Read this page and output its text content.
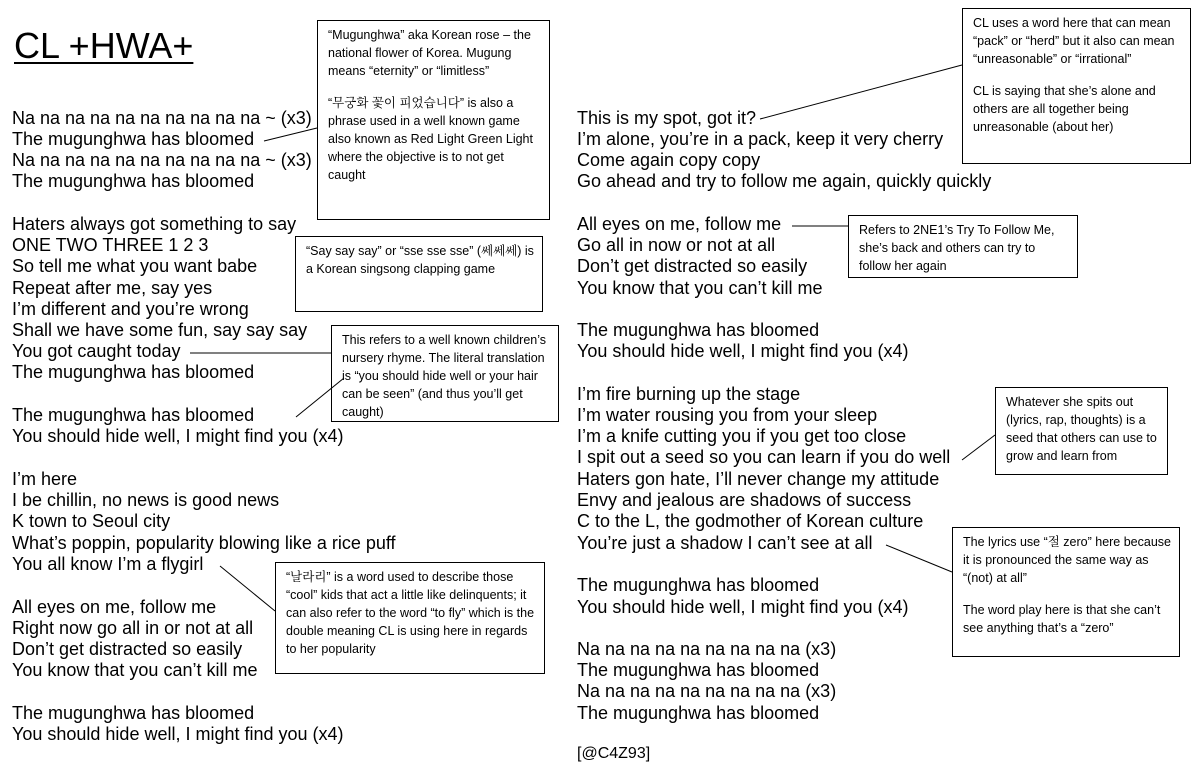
CL +HWA+
Na na na na na na na na na na ~ (x3)
The mugunghwa has bloomed
Na na na na na na na na na na ~ (x3)
The mugunghwa has bloomed
Haters always got something to say
ONE TWO THREE 1 2 3
So tell me what you want babe
Repeat after me, say yes
I’m different and you’re wrong
Shall we have some fun, say say say
You got caught today
The mugunghwa has bloomed
The mugunghwa has bloomed
You should hide well, I might find you (x4)
I’m here
I be chillin, no news is good news
K town to Seoul city
What’s poppin, popularity blowing like a rice puff
You all know I’m a flygirl
All eyes on me, follow me
Right now go all in or not at all
Don’t get distracted so easily
You know that you can’t kill me
The mugunghwa has bloomed
You should hide well, I might find you (x4)
This is my spot, got it?
I’m alone, you’re in a pack, keep it very cherry
Come again copy copy
Go ahead and try to follow me again, quickly quickly
All eyes on me, follow me
Go all in now or not at all
Don’t get distracted so easily
You know that you can’t kill me
The mugunghwa has bloomed
You should hide well, I might find you (x4)
I’m fire burning up the stage
I’m water rousing you from your sleep
I’m a knife cutting you if you get too close
I spit out a seed so you can learn if you do well
Haters gon hate, I’ll never change my attitude
Envy and jealous are shadows of success
C to the L, the godmother of Korean culture
You’re just a shadow I can’t see at all
The mugunghwa has bloomed
You should hide well, I might find you (x4)
Na na na na na na na na na (x3)
The mugunghwa has bloomed
Na na na na na na na na na (x3)
The mugunghwa has bloomed
[@C4Z93]

“Mugunghwa” aka Korean rose – the national flower of Korea. Mugung means “eternity” or “limitless”

“무궁화 꽃이 피었습니다” is also a phrase used in a well known game also known as Red Light Green Light where the objective is to not get caught

“Say say say” or “sse sse sse” (쎄쎄쎄) is a Korean singsong clapping game

This refers to a well known children’s nursery rhyme. The literal translation is “you should hide well or your hair can be seen” (and thus you’ll get caught)

“날라리” is a word used to describe those “cool” kids that act a little like delinquents; it can also refer to the word “to fly” which is the double meaning CL is using here in regards to her popularity

CL uses a word here that can mean “pack” or “herd” but it also can mean “unreasonable” or “irrational”

CL is saying that she’s alone and others are all together being unreasonable (about her)

Refers to 2NE1’s Try To Follow Me, she’s back and others can try to follow her again

Whatever she spits out (lyrics, rap, thoughts) is a seed that others can use to grow and learn from

The lyrics use “절 zero” here because it is pronounced the same way as “(not) at all”

The word play here is that she can’t see anything that’s a “zero”
